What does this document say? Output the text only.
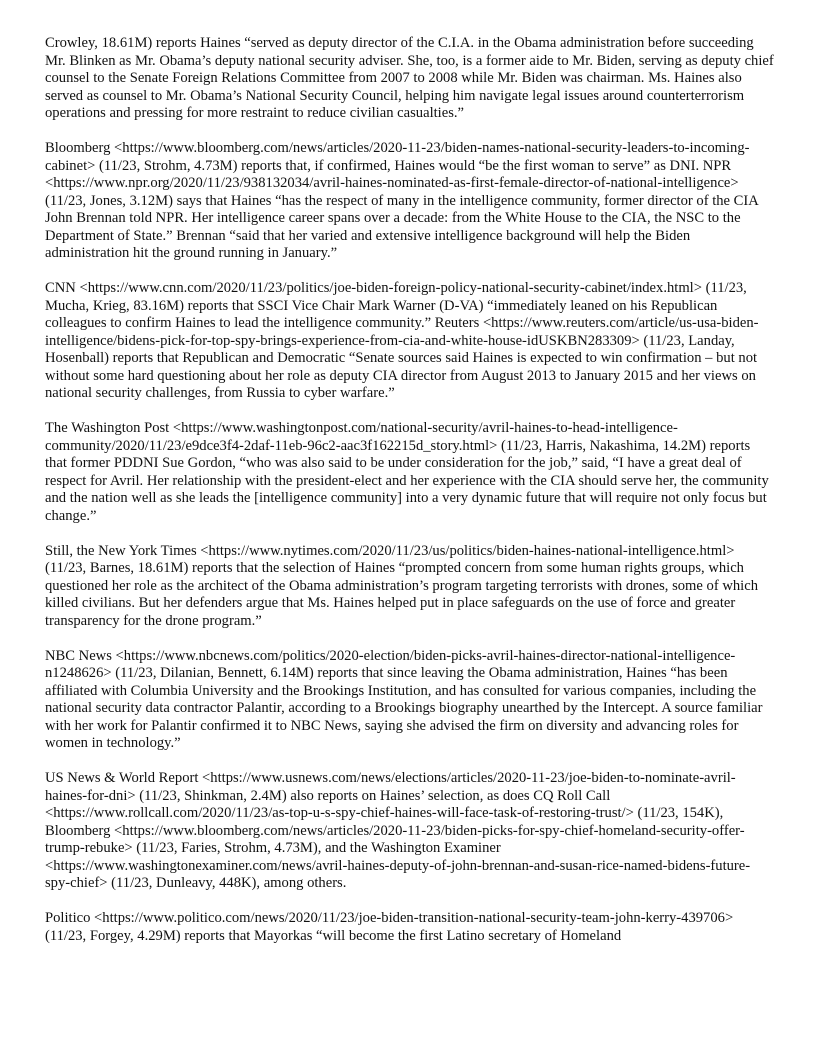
Crowley, 18.61M) reports Haines “served as deputy director of the C.I.A. in the Obama administration before succeeding Mr. Blinken as Mr. Obama’s deputy national security adviser. She, too, is a former aide to Mr. Biden, serving as deputy chief counsel to the Senate Foreign Relations Committee from 2007 to 2008 while Mr. Biden was chairman. Ms. Haines also served as counsel to Mr. Obama’s National Security Council, helping him navigate legal issues around counterterrorism operations and pressing for more restraint to reduce civilian casualties.”

Bloomberg <https://www.bloomberg.com/news/articles/2020-11-23/biden-names-national-security-leaders-to-incoming-cabinet> (11/23, Strohm, 4.73M) reports that, if confirmed, Haines would “be the first woman to serve” as DNI. NPR <https://www.npr.org/2020/11/23/938132034/avril-haines-nominated-as-first-female-director-of-national-intelligence> (11/23, Jones, 3.12M) says that Haines “has the respect of many in the intelligence community, former director of the CIA John Brennan told NPR. Her intelligence career spans over a decade: from the White House to the CIA, the NSC to the Department of State.” Brennan “said that her varied and extensive intelligence background will help the Biden administration hit the ground running in January.”

CNN <https://www.cnn.com/2020/11/23/politics/joe-biden-foreign-policy-national-security-cabinet/index.html> (11/23, Mucha, Krieg, 83.16M) reports that SSCI Vice Chair Mark Warner (D-VA) “immediately leaned on his Republican colleagues to confirm Haines to lead the intelligence community.” Reuters <https://www.reuters.com/article/us-usa-biden-intelligence/bidens-pick-for-top-spy-brings-experience-from-cia-and-white-house-idUSKBN283309> (11/23, Landay, Hosenball) reports that Republican and Democratic “Senate sources said Haines is expected to win confirmation – but not without some hard questioning about her role as deputy CIA director from August 2013 to January 2015 and her views on national security challenges, from Russia to cyber warfare.”

The Washington Post <https://www.washingtonpost.com/national-security/avril-haines-to-head-intelligence-community/2020/11/23/e9dce3f4-2daf-11eb-96c2-aac3f162215d_story.html> (11/23, Harris, Nakashima, 14.2M) reports that former PDDNI Sue Gordon, “who was also said to be under consideration for the job,” said, “I have a great deal of respect for Avril. Her relationship with the president-elect and her experience with the CIA should serve her, the community and the nation well as she leads the [intelligence community] into a very dynamic future that will require not only focus but change.”

Still, the New York Times <https://www.nytimes.com/2020/11/23/us/politics/biden-haines-national-intelligence.html> (11/23, Barnes, 18.61M) reports that the selection of Haines “prompted concern from some human rights groups, which questioned her role as the architect of the Obama administration’s program targeting terrorists with drones, some of which killed civilians. But her defenders argue that Ms. Haines helped put in place safeguards on the use of force and greater transparency for the drone program.”

NBC News <https://www.nbcnews.com/politics/2020-election/biden-picks-avril-haines-director-national-intelligence-n1248626> (11/23, Dilanian, Bennett, 6.14M) reports that since leaving the Obama administration, Haines “has been affiliated with Columbia University and the Brookings Institution, and has consulted for various companies, including the national security data contractor Palantir, according to a Brookings biography unearthed by the Intercept. A source familiar with her work for Palantir confirmed it to NBC News, saying she advised the firm on diversity and advancing roles for women in technology.”

US News & World Report <https://www.usnews.com/news/elections/articles/2020-11-23/joe-biden-to-nominate-avril-haines-for-dni> (11/23, Shinkman, 2.4M) also reports on Haines’ selection, as does CQ Roll Call <https://www.rollcall.com/2020/11/23/as-top-u-s-spy-chief-haines-will-face-task-of-restoring-trust/> (11/23, 154K), Bloomberg <https://www.bloomberg.com/news/articles/2020-11-23/biden-picks-for-spy-chief-homeland-security-offer-trump-rebuke> (11/23, Faries, Strohm, 4.73M), and the Washington Examiner <https://www.washingtonexaminer.com/news/avril-haines-deputy-of-john-brennan-and-susan-rice-named-bidens-future-spy-chief> (11/23, Dunleavy, 448K), among others.

Politico <https://www.politico.com/news/2020/11/23/joe-biden-transition-national-security-team-john-kerry-439706> (11/23, Forgey, 4.29M) reports that Mayorkas “will become the first Latino secretary of Homeland
